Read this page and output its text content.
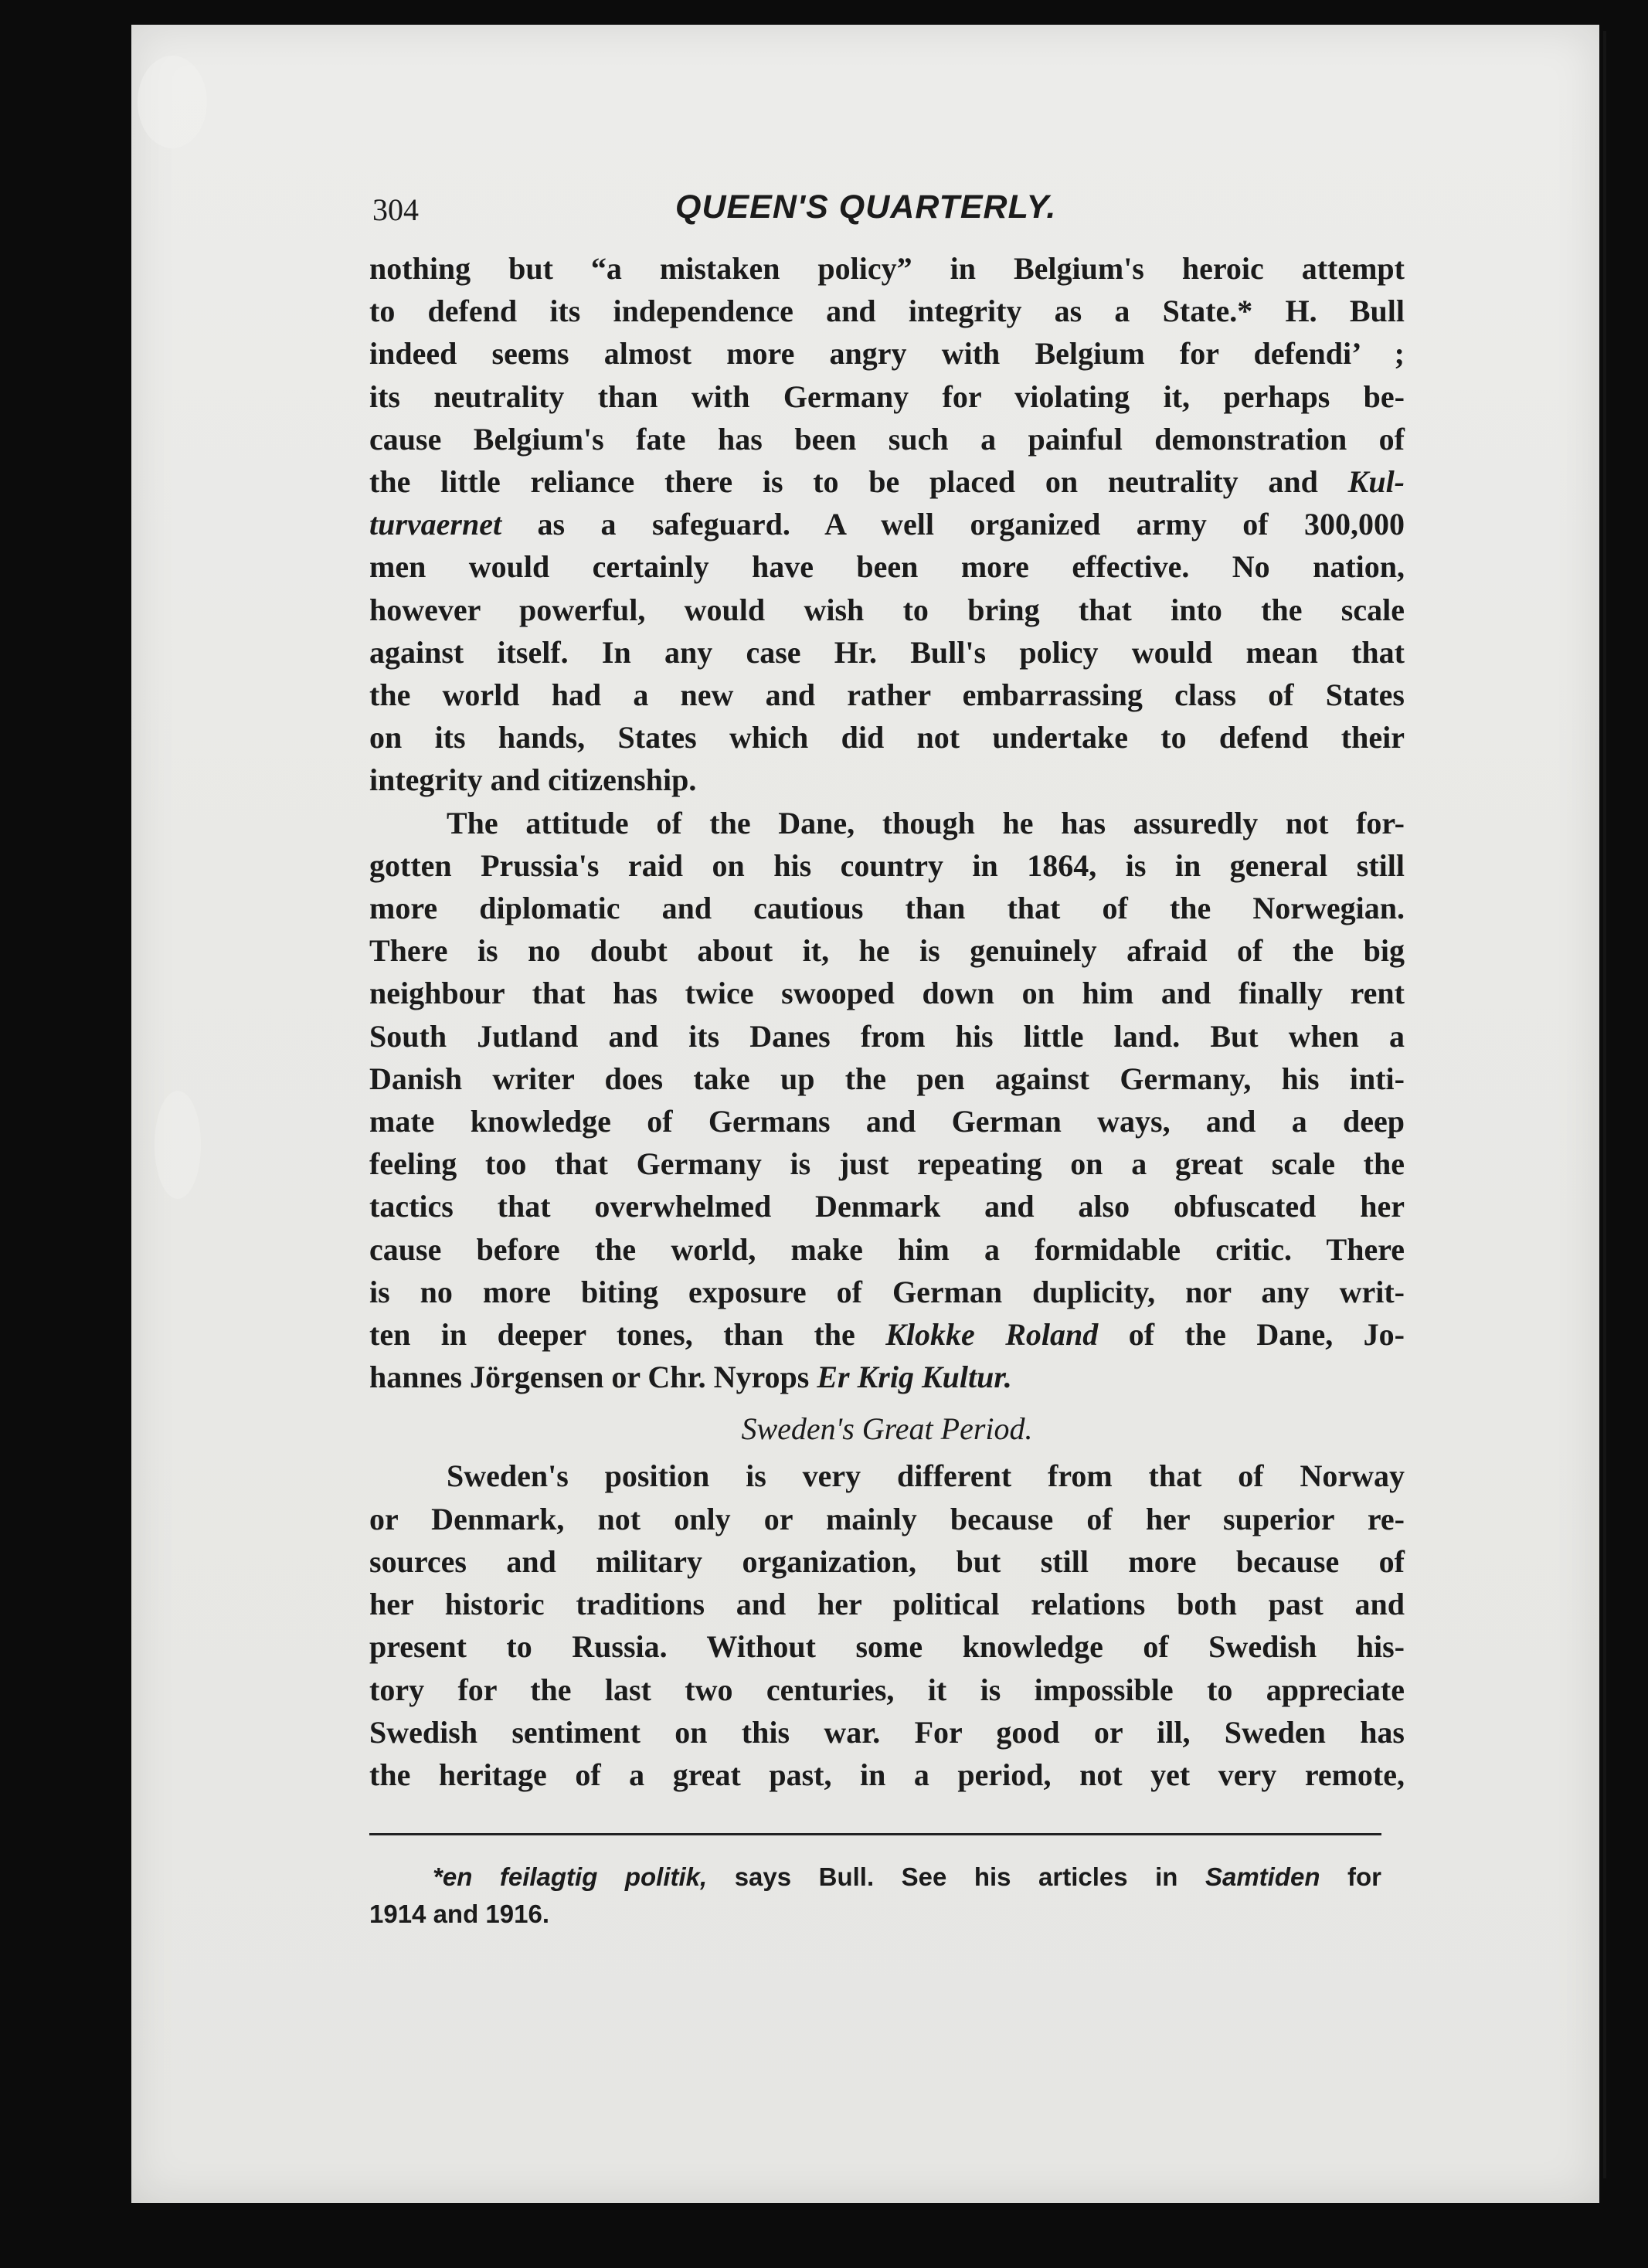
304	QUEEN'S QUARTERLY.

nothing but “a mistaken policy” in Belgium's heroic attempt
to defend its independence and integrity as a State.* H. Bull
indeed seems almost more angry with Belgium for defendi’ ;
its neutrality than with Germany for violating it, perhaps be-
cause Belgium's fate has been such a painful demonstration of
the little reliance there is to be placed on neutrality and Kul-
turvaernet as a safeguard. A well organized army of 300,000
men would certainly have been more effective. No nation,
however powerful, would wish to bring that into the scale
against itself. In any case Hr. Bull's policy would mean that
the world had a new and rather embarrassing class of States
on its hands, States which did not undertake to defend their
integrity and citizenship.

The attitude of the Dane, though he has assuredly not for-
gotten Prussia's raid on his country in 1864, is in general still
more diplomatic and cautious than that of the Norwegian.
There is no doubt about it, he is genuinely afraid of the big
neighbour that has twice swooped down on him and finally rent
South Jutland and its Danes from his little land. But when a
Danish writer does take up the pen against Germany, his inti-
mate knowledge of Germans and German ways, and a deep
feeling too that Germany is just repeating on a great scale the
tactics that overwhelmed Denmark and also obfuscated her
cause before the world, make him a formidable critic. There
is no more biting exposure of German duplicity, nor any writ-
ten in deeper tones, than the Klokke Roland of the Dane, Jo-
hannes Jörgensen or Chr. Nyrops Er Krig Kultur.

Sweden's Great Period.

Sweden's position is very different from that of Norway
or Denmark, not only or mainly because of her superior re-
sources and military organization, but still more because of
her historic traditions and her political relations both past and
present to Russia. Without some knowledge of Swedish his-
tory for the last two centuries, it is impossible to appreciate
Swedish sentiment on this war. For good or ill, Sweden has
the heritage of a great past, in a period, not yet very remote,

*en feilagtig politik, says Bull. See his articles in Samtiden for
1914 and 1916.
